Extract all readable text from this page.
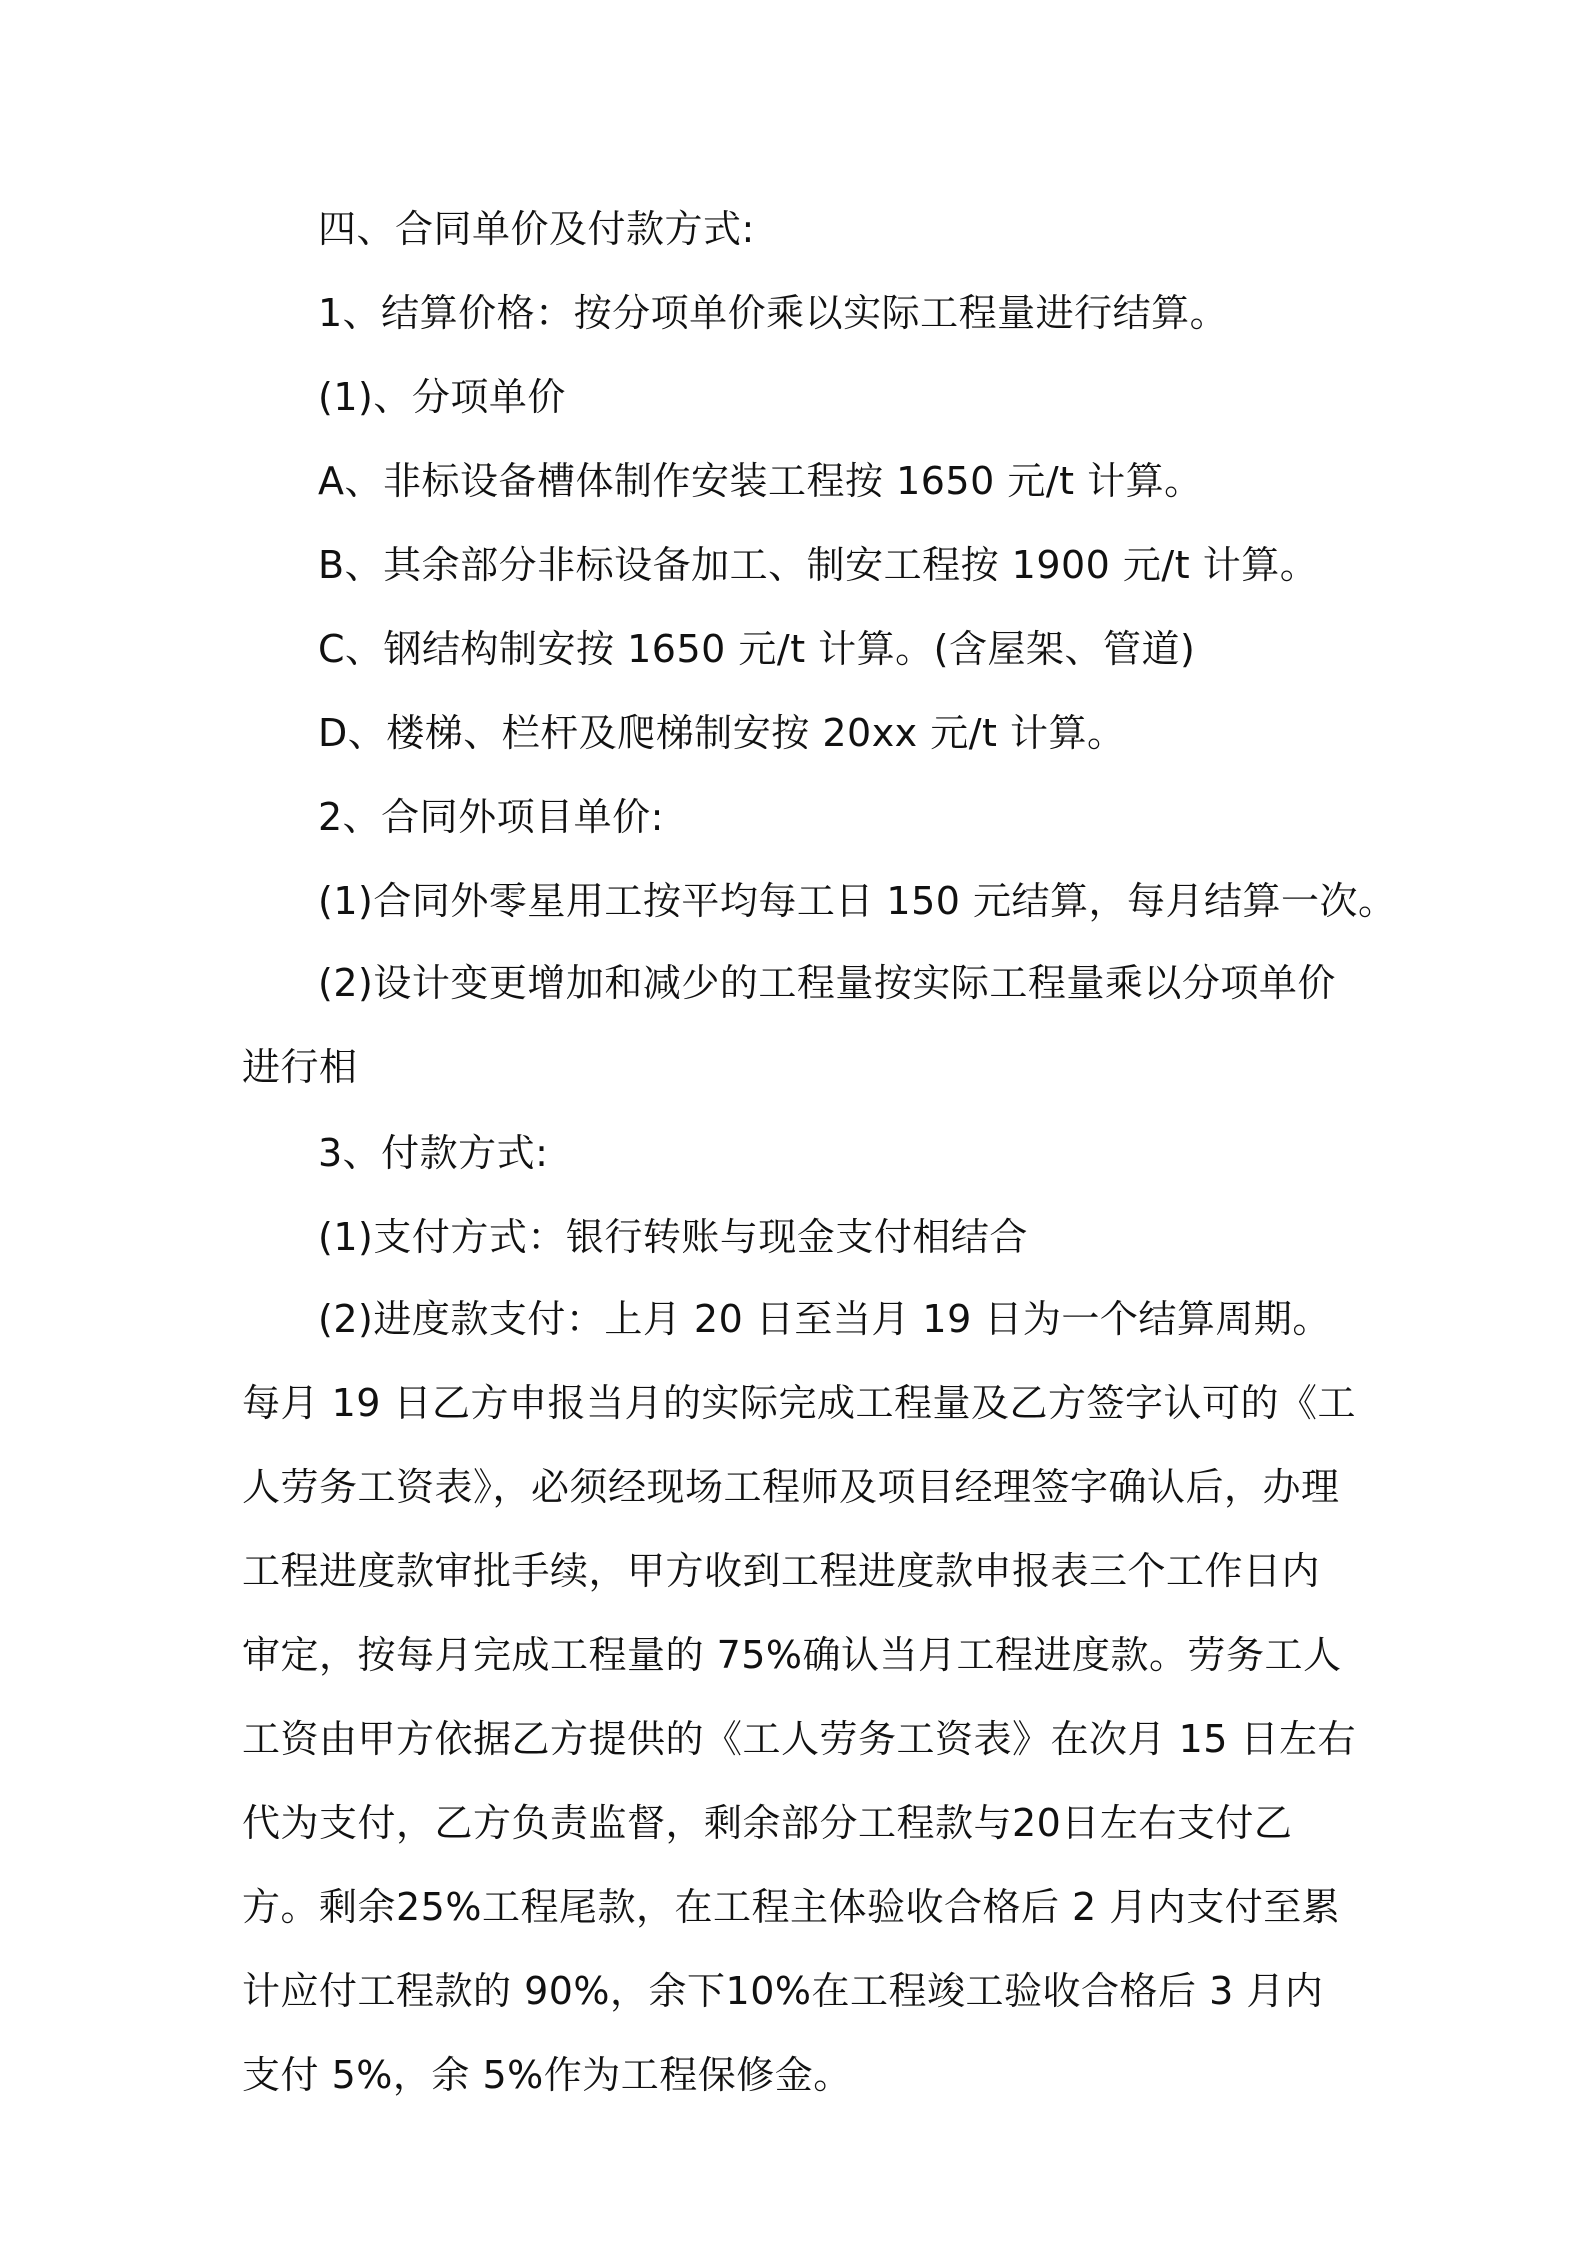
四、合同单价及付款方式:
1、结算价格：按分项单价乘以实际工程量进行结算。
(1)、分项单价
A、非标设备槽体制作安装工程按 1650 元/t 计算。
B、其余部分非标设备加工、制安工程按 1900 元/t 计算。
C、钢结构制安按 1650 元/t 计算。(含屋架、管道)
D、楼梯、栏杆及爬梯制安按 20xx 元/t 计算。
2、合同外项目单价:
(1)合同外零星用工按平均每工日 150 元结算，每月结算一次。
(2)设计变更增加和减少的工程量按实际工程量乘以分项单价进行相
3、付款方式:
(1)支付方式：银行转账与现金支付相结合
(2)进度款支付：上月 20 日至当月 19 日为一个结算周期。每月 19 日乙方申报当月的实际完成工程量及乙方签字认可的《工人劳务工资表》，必须经现场工程师及项目经理签字确认后，办理工程进度款审批手续，甲方收到工程进度款申报表三个工作日内审定，按每月完成工程量的 75%确认当月工程进度款。劳务工人工资由甲方依据乙方提供的《工人劳务工资表》在次月 15 日左右代为支付，乙方负责监督，剩余部分工程款与20日左右支付乙方。剩余25%工程尾款，在工程主体验收合格后 2 月内支付至累计应付工程款的 90%，余下10%在工程竣工验收合格后 3 月内支付 5%，余 5%作为工程保修金。
